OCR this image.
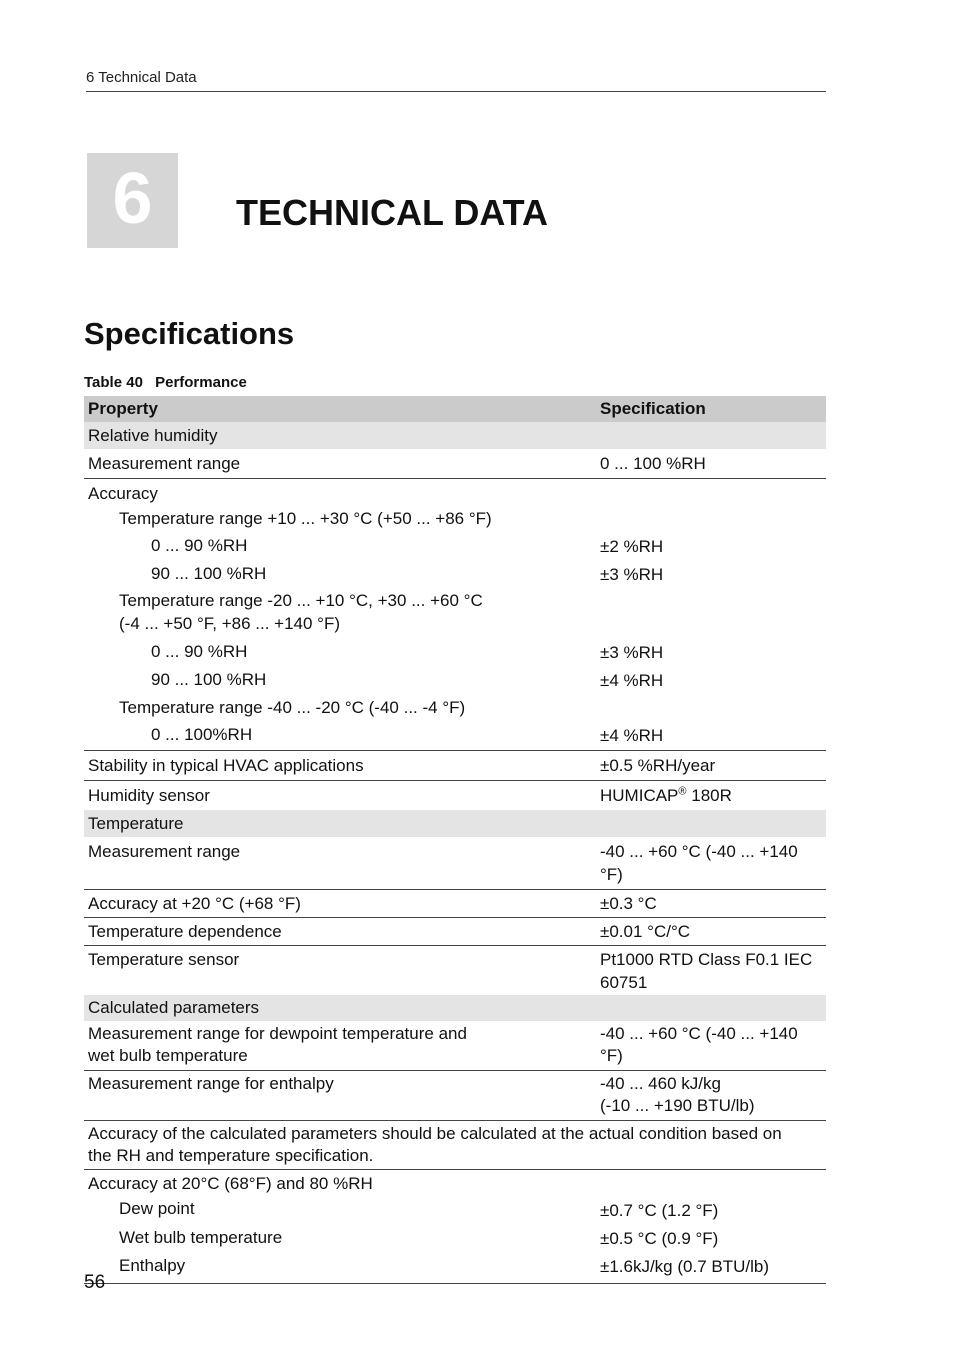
6 Technical Data
6	TECHNICAL DATA
Specifications
Table 40 Performance
Property	Specification
Relative humidity	
Measurement range	0 ... 100 %RH
Accuracy	
Temperature range +10 ... +30 °C (+50 ... +86 °F)	
0 ... 90 %RH	±2 %RH
90 ... 100 %RH	±3 %RH

Temperature range -20 ... +10 °C, +30 ... +60 °C
(-4 ... +50 °F, +86 ... +140 °F)	

0 ... 90 %RH	±3 %RH
90 ... 100 %RH	±4 %RH
Temperature range -40 ... -20 °C (-40 ... -4 °F)	
0 ... 100%RH	±4 %RH
Stability in typical HVAC applications	±0.5 %RH/year
Humidity sensor	HUMICAP® 180R
Temperature	
Measurement range	-40 ... +60 °C (-40 ... +140 °F)
Accuracy at +20 °C (+68 °F)	±0.3 °C
Temperature dependence	±0.01 °C/°C
Temperature sensor	Pt1000 RTD Class F0.1 IEC 60751
Calculated parameters	

Measurement range for dewpoint temperature and
wet bulb temperature	-40 ... +60 °C (-40 ... +140 °F)
Measurement range for enthalpy	-40 ... 460 kJ/kg
(-10 ... +190 BTU/lb)

Accuracy of the calculated parameters should be calculated at the actual condition based on
the RH and temperature specification.	

Accuracy at 20°C (68°F) and 80 %RH	
Dew point	±0.7 °C (1.2 °F)
Wet bulb temperature	±0.5 °C (0.9 °F)
Enthalpy	±1.6kJ/kg (0.7 BTU/lb)
56
